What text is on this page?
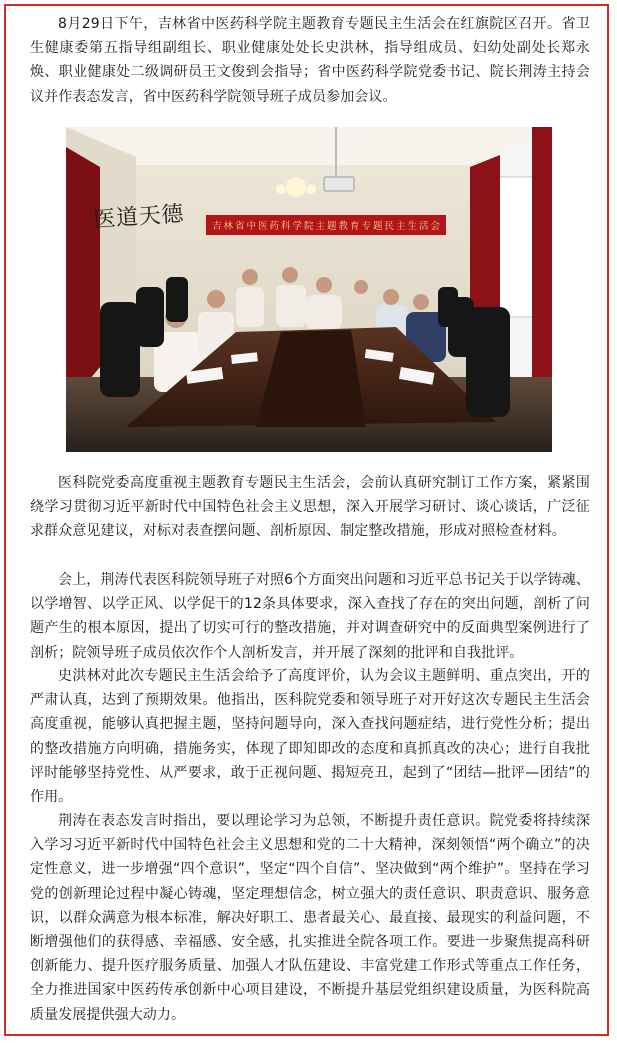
8月29日下午，吉林省中医药科学院主题教育专题民主生活会在红旗院区召开。省卫生健康委第五指导组副组长、职业健康处处长史洪林，指导组成员、妇幼处副处长郑永焕、职业健康处二级调研员王文俊到会指导；省中医药科学院党委书记、院长荆涛主持会议并作表态发言，省中医药科学院领导班子成员参加会议。

医道天德	吉林省中医药科学院主题教育专题民主生活会

医科院党委高度重视主题教育专题民主生活会，会前认真研究制订工作方案，紧紧围绕学习贯彻习近平新时代中国特色社会主义思想，深入开展学习研讨、谈心谈话，广泛征求群众意见建议，对标对表查摆问题、剖析原因、制定整改措施，形成对照检查材料。

会上，荆涛代表医科院领导班子对照6个方面突出问题和习近平总书记关于以学铸魂、以学增智、以学正风、以学促干的12条具体要求，深入查找了存在的突出问题，剖析了问题产生的根本原因，提出了切实可行的整改措施，并对调查研究中的反面典型案例进行了剖析；院领导班子成员依次作个人剖析发言，并开展了深刻的批评和自我批评。

史洪林对此次专题民主生活会给予了高度评价，认为会议主题鲜明、重点突出，开的严肃认真，达到了预期效果。他指出，医科院党委和领导班子对开好这次专题民主生活会高度重视，能够认真把握主题，坚持问题导向，深入查找问题症结，进行党性分析；提出的整改措施方向明确，措施务实，体现了即知即改的态度和真抓真改的决心；进行自我批评时能够坚持党性、从严要求，敢于正视问题、揭短亮丑，起到了“团结—批评—团结”的作用。

荆涛在表态发言时指出，要以理论学习为总领，不断提升责任意识。院党委将持续深入学习习近平新时代中国特色社会主义思想和党的二十大精神，深刻领悟“两个确立”的决定性意义，进一步增强“四个意识”，坚定“四个自信”、坚决做到“两个维护”。坚持在学习党的创新理论过程中凝心铸魂，坚定理想信念，树立强大的责任意识、职责意识、服务意识，以群众满意为根本标准，解决好职工、患者最关心、最直接、最现实的利益问题，不断增强他们的获得感、幸福感、安全感，扎实推进全院各项工作。要进一步聚焦提高科研创新能力、提升医疗服务质量、加强人才队伍建设、丰富党建工作形式等重点工作任务，全力推进国家中医药传承创新中心项目建设，不断提升基层党组织建设质量，为医科院高质量发展提供强大动力。
